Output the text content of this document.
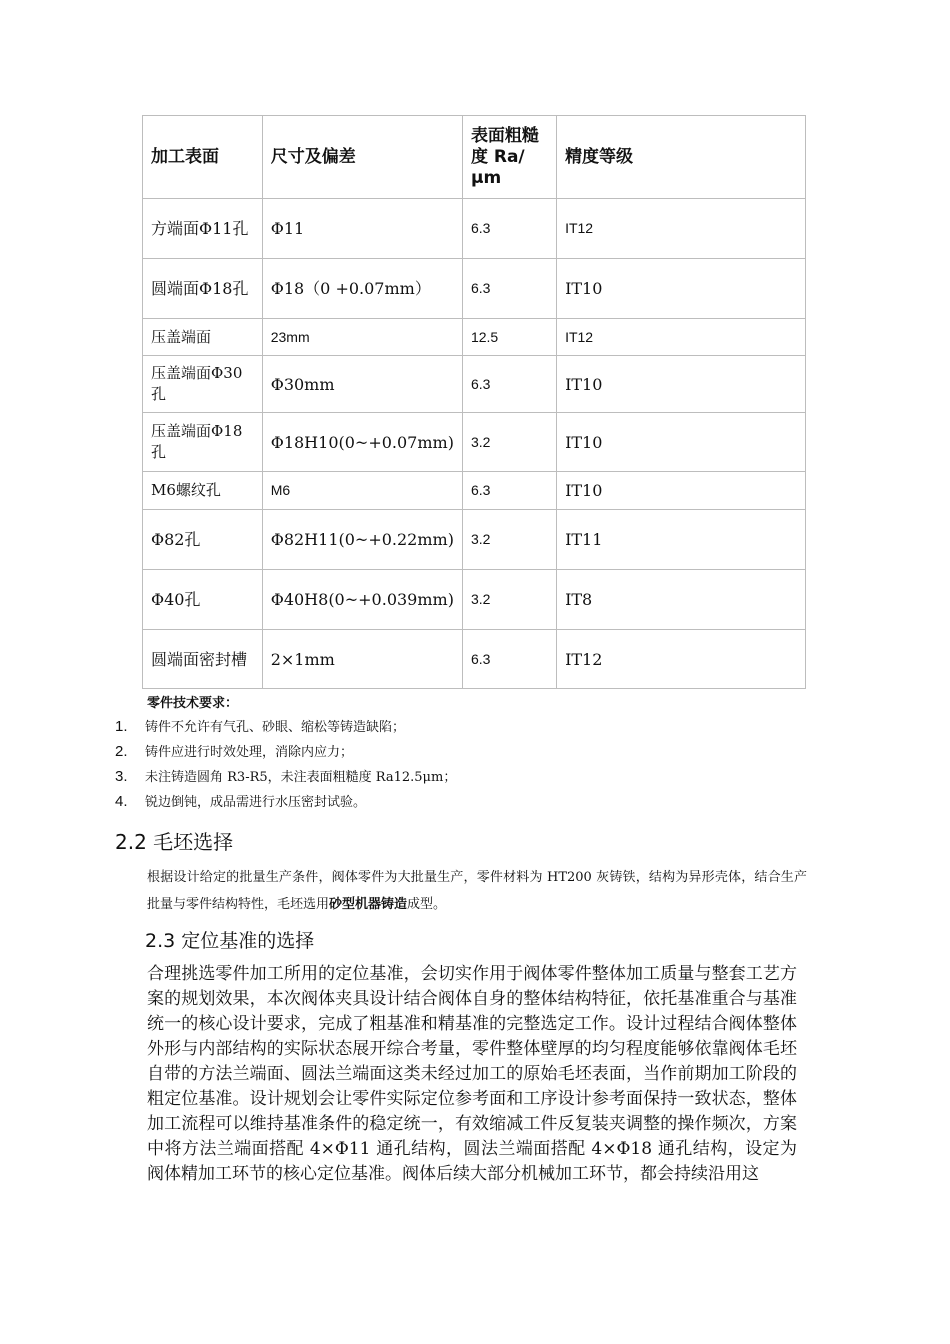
加工表面	尺寸及偏差	表面粗糙度 Ra/μm	精度等级
方端面Φ11孔	Φ11	6.3	IT12
圆端面Φ18孔	Φ18（0 +0.07mm）	6.3	IT10
压盖端面	23mm	12.5	IT12
压盖端面Φ30孔	Φ30mm	6.3	IT10
压盖端面Φ18孔	Φ18H10(0~+0.07mm)	3.2	IT10
M6螺纹孔	M6	6.3	IT10
Φ82孔	Φ82H11(0~+0.22mm)	3.2	IT11
Φ40孔	Φ40H8(0~+0.039mm)	3.2	IT8
圆端面密封槽	2×1mm	6.3	IT12
零件技术要求：
1. 铸件不允许有气孔、砂眼、缩松等铸造缺陷；
2. 铸件应进行时效处理，消除内应力；
3. 未注铸造圆角 R3-R5，未注表面粗糙度 Ra12.5μm；
4. 锐边倒钝，成品需进行水压密封试验。
2.2 毛坯选择

根据设计给定的批量生产条件，阀体零件为大批量生产，零件材料为 HT200 灰铸铁，结构为异形壳体，结合生产批量与零件结构特性，毛坯选用砂型机器铸造成型。

2.3 定位基准的选择

合理挑选零件加工所用的定位基准，会切实作用于阀体零件整体加工质量与整套工艺方案的规划效果，本次阀体夹具设计结合阀体自身的整体结构特征，依托基准重合与基准统一的核心设计要求，完成了粗基准和精基准的完整选定工作。设计过程结合阀体整体外形与内部结构的实际状态展开综合考量，零件整体壁厚的均匀程度能够依靠阀体毛坯自带的方法兰端面、圆法兰端面这类未经过加工的原始毛坯表面，当作前期加工阶段的粗定位基准。设计规划会让零件实际定位参考面和工序设计参考面保持一致状态，整体加工流程可以维持基准条件的稳定统一，有效缩减工件反复装夹调整的操作频次，方案中将方法兰端面搭配 4×Φ11 通孔结构，圆法兰端面搭配 4×Φ18 通孔结构，设定为阀体精加工环节的核心定位基准。阀体后续大部分机械加工环节，都会持续沿用这
